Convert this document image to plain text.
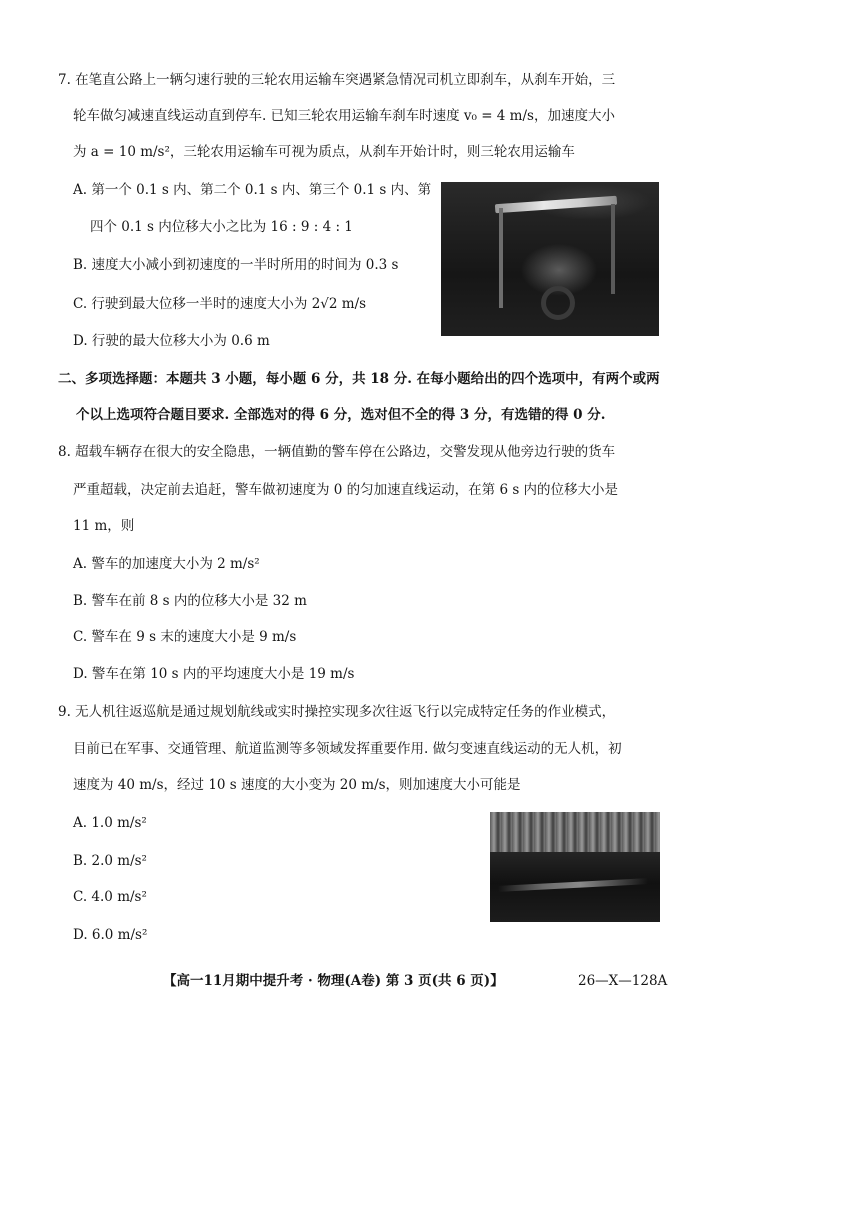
7. 在笔直公路上一辆匀速行驶的三轮农用运输车突遇紧急情况司机立即刹车，从刹车开始，三
轮车做匀减速直线运动直到停车. 已知三轮农用运输车刹车时速度 v₀ = 4 m/s，加速度大小
为 a = 10 m/s²，三轮农用运输车可视为质点，从刹车开始计时，则三轮农用运输车
A. 第一个 0.1 s 内、第二个 0.1 s 内、第三个 0.1 s 内、第
四个 0.1 s 内位移大小之比为 16 : 9 : 4 : 1
B. 速度大小减小到初速度的一半时所用的时间为 0.3 s
C. 行驶到最大位移一半时的速度大小为 2√2 m/s
D. 行驶的最大位移大小为 0.6 m
二、多项选择题：本题共 3 小题，每小题 6 分，共 18 分. 在每小题给出的四个选项中，有两个或两
个以上选项符合题目要求. 全部选对的得 6 分，选对但不全的得 3 分，有选错的得 0 分.
8. 超载车辆存在很大的安全隐患，一辆值勤的警车停在公路边，交警发现从他旁边行驶的货车
严重超载，决定前去追赶，警车做初速度为 0 的匀加速直线运动，在第 6 s 内的位移大小是
11 m，则
A. 警车的加速度大小为 2 m/s²
B. 警车在前 8 s 内的位移大小是 32 m
C. 警车在 9 s 末的速度大小是 9 m/s
D. 警车在第 10 s 内的平均速度大小是 19 m/s
9. 无人机往返巡航是通过规划航线或实时操控实现多次往返飞行以完成特定任务的作业模式，
目前已在军事、交通管理、航道监测等多领域发挥重要作用. 做匀变速直线运动的无人机，初
速度为 40 m/s，经过 10 s 速度的大小变为 20 m/s，则加速度大小可能是
A. 1.0 m/s²
B. 2.0 m/s²
C. 4.0 m/s²
D. 6.0 m/s²
【高一11月期中提升考 · 物理(A卷) 第 3 页(共 6 页)】	26—X—128A
